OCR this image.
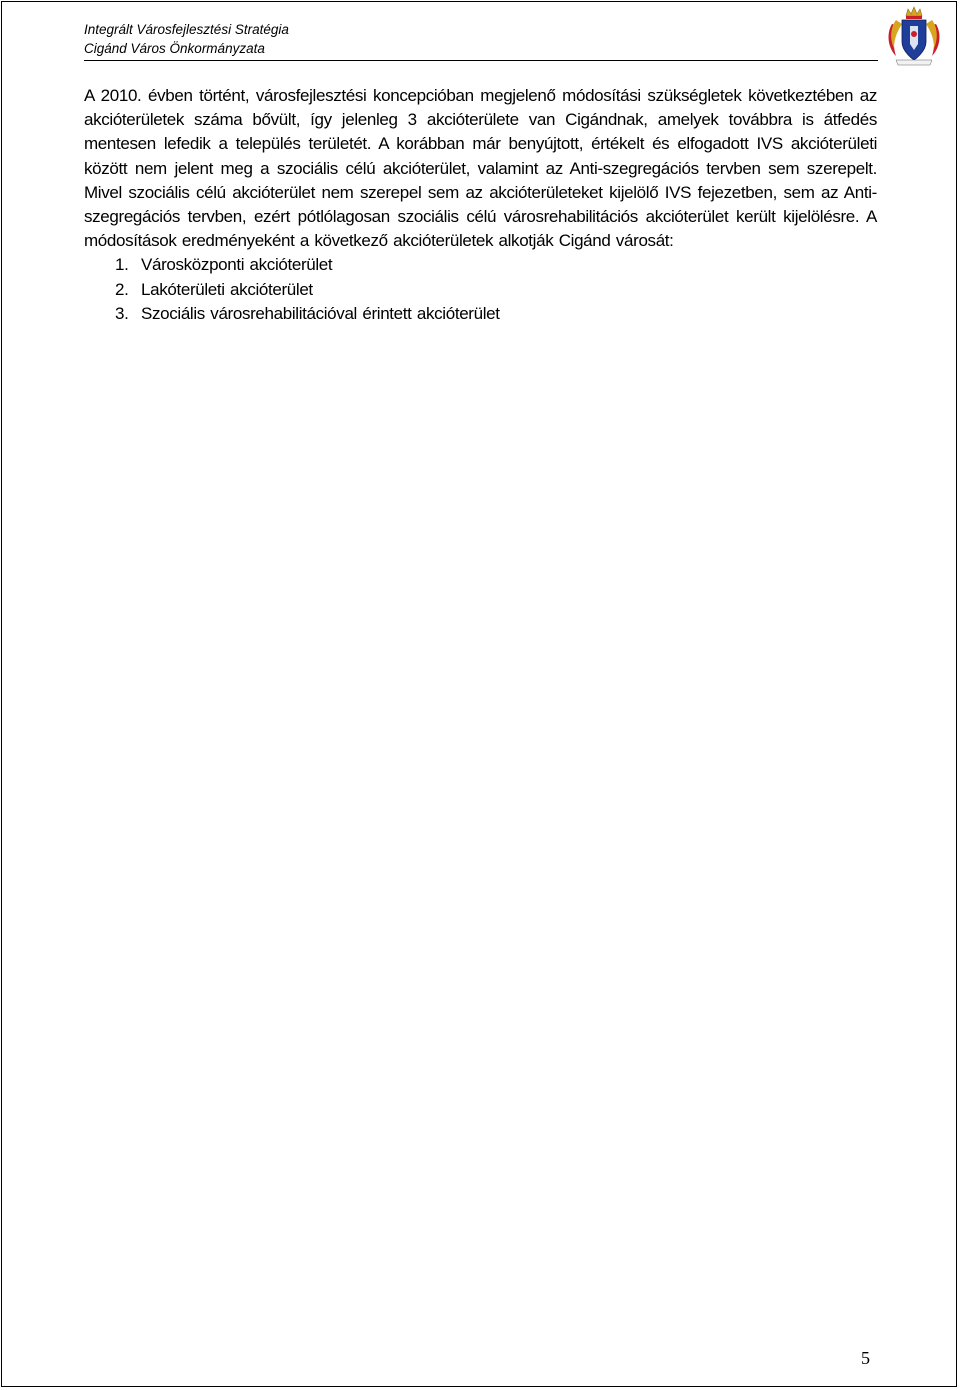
Integrált Városfejlesztési Stratégia
Cigánd Város Önkormányzata

A 2010. évben történt, városfejlesztési koncepcióban megjelenő módosítási szükségletek következtében az akcióterületek száma bővült, így jelenleg 3 akcióterülete van Cigándnak, amelyek továbbra is átfedés mentesen lefedik a település területét. A korábban már benyújtott, értékelt és elfogadott IVS akcióterületi között nem jelent meg a szociális célú akcióterület, valamint az Anti-szegregációs tervben sem szerepelt. Mivel szociális célú akcióterület nem szerepel sem az akcióterületeket kijelölő IVS fejezetben, sem az Anti-szegregációs tervben, ezért pótlólagosan szociális célú városrehabilitációs akcióterület került kijelölésre. A módosítások eredményeként a következő akcióterületek alkotják Cigánd városát:

1. Városközponti akcióterület
2. Lakóterületi akcióterület
3. Szociális városrehabilitációval érintett akcióterület
5
